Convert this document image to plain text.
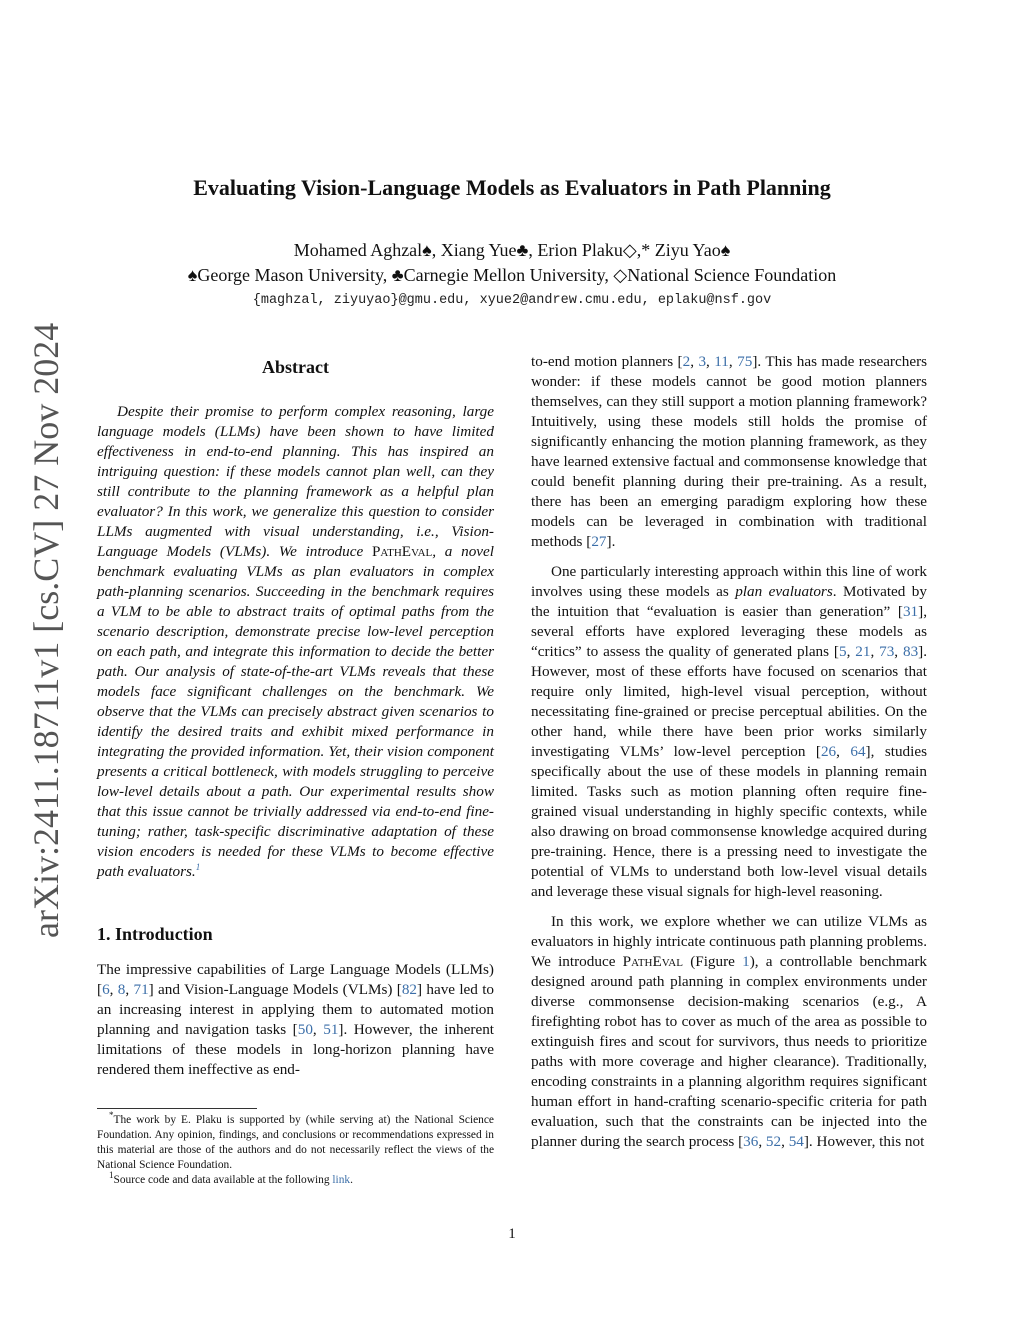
arXiv:2411.18711v1 [cs.CV] 27 Nov 2024
Evaluating Vision-Language Models as Evaluators in Path Planning
Mohamed Aghzal♠, Xiang Yue♣, Erion Plaku◇,* Ziyu Yao♠
♠George Mason University, ♣Carnegie Mellon University, ◇National Science Foundation
{maghzal, ziyuyao}@gmu.edu, xyue2@andrew.cmu.edu, eplaku@nsf.gov
Abstract

Despite their promise to perform complex reasoning, large language models (LLMs) have been shown to have limited effectiveness in end-to-end planning. This has inspired an intriguing question: if these models cannot plan well, can they still contribute to the planning framework as a helpful plan evaluator? In this work, we generalize this question to consider LLMs augmented with visual understanding, i.e., Vision-Language Models (VLMs). We introduce PathEval, a novel benchmark evaluating VLMs as plan evaluators in complex path-planning scenarios. Succeeding in the benchmark requires a VLM to be able to abstract traits of optimal paths from the scenario description, demonstrate precise low-level perception on each path, and integrate this information to decide the better path. Our analysis of state-of-the-art VLMs reveals that these models face significant challenges on the benchmark. We observe that the VLMs can precisely abstract given scenarios to identify the desired traits and exhibit mixed performance in integrating the provided information. Yet, their vision component presents a critical bottleneck, with models struggling to perceive low-level details about a path. Our experimental results show that this issue cannot be trivially addressed via end-to-end fine-tuning; rather, task-specific discriminative adaptation of these vision encoders is needed for these VLMs to become effective path evaluators.$^1$

1. Introduction

The impressive capabilities of Large Language Models (LLMs) [6, 8, 71] and Vision-Language Models (VLMs) [82] have led to an increasing interest in applying them to automated motion planning and navigation tasks [50, 51]. However, the inherent limitations of these models in long-horizon planning have rendered them ineffective as end-

to-end motion planners [2, 3, 11, 75]. This has made researchers wonder: if these models cannot be good motion planners themselves, can they still support a motion planning framework? Intuitively, using these models still holds the promise of significantly enhancing the motion planning framework, as they have learned extensive factual and commonsense knowledge that could benefit planning during their pre-training. As a result, there has been an emerging paradigm exploring how these models can be leveraged in combination with traditional methods [27].

One particularly interesting approach within this line of work involves using these models as plan evaluators. Motivated by the intuition that “evaluation is easier than generation” [31], several efforts have explored leveraging these models as “critics” to assess the quality of generated plans [5, 21, 73, 83]. However, most of these efforts have focused on scenarios that require only limited, high-level visual perception, without necessitating fine-grained or precise perceptual abilities. On the other hand, while there have been prior works similarly investigating VLMs’ low-level perception [26, 64], studies specifically about the use of these models in planning remain limited. Tasks such as motion planning often require fine-grained visual understanding in highly specific contexts, while also drawing on broad commonsense knowledge acquired during pre-training. Hence, there is a pressing need to investigate the potential of VLMs to understand both low-level visual details and leverage these visual signals for high-level reasoning.

In this work, we explore whether we can utilize VLMs as evaluators in highly intricate continuous path planning problems. We introduce PathEval (Figure 1), a controllable benchmark designed around path planning in complex environments under diverse commonsense decision-making scenarios (e.g., A firefighting robot has to cover as much of the area as possible to extinguish fires and scout for survivors, thus needs to prioritize paths with more coverage and higher clearance). Traditionally, encoding constraints in a planning algorithm requires significant human effort in hand-crafting scenario-specific criteria for path evaluation, such that the constraints can be injected into the planner during the search process [36, 52, 54]. However, this not

*The work by E. Plaku is supported by (while serving at) the National Science Foundation. Any opinion, findings, and conclusions or recommendations expressed in this material are those of the authors and do not necessarily reflect the views of the National Science Foundation.

$^1$Source code and data available at the following link.

1
